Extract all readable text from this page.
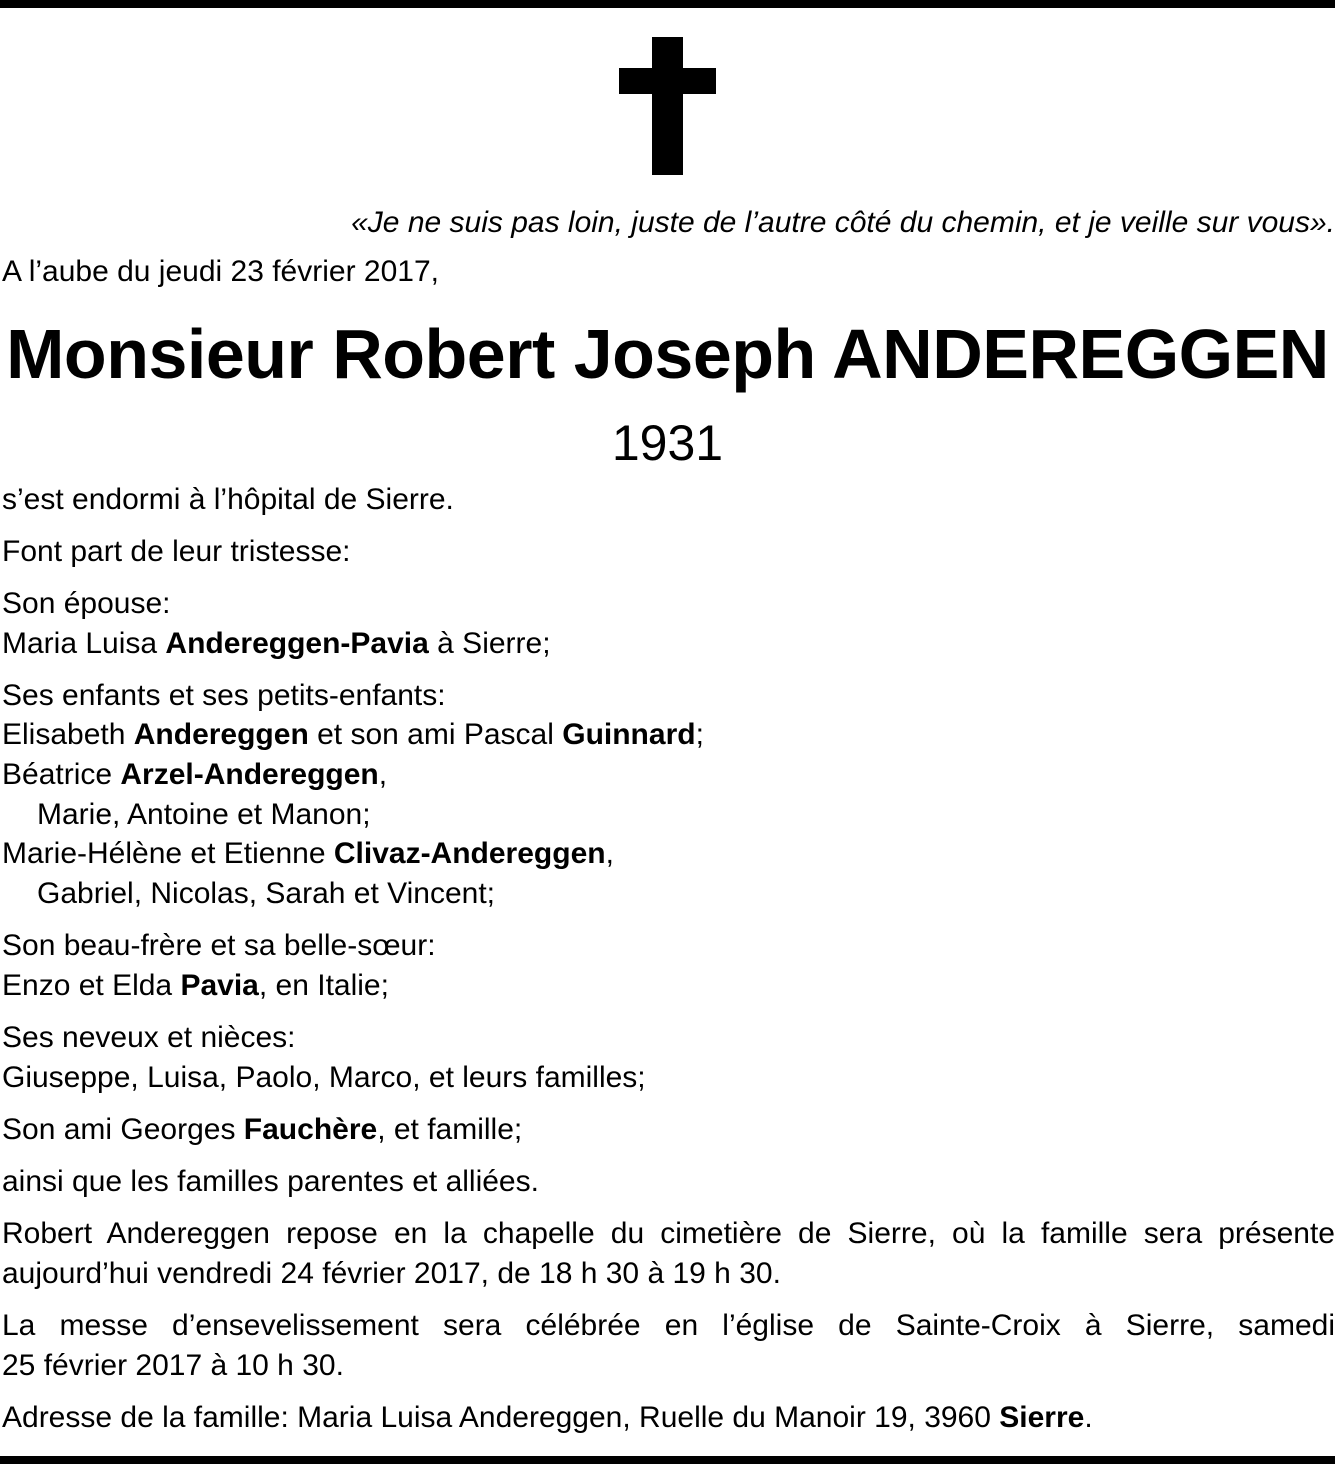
«Je ne suis pas loin, juste de l’autre côté du chemin, et je veille sur vous».
A l’aube du jeudi 23 février 2017,
Monsieur Robert Joseph ANDEREGGEN
1931
s’est endormi à l’hôpital de Sierre.
Font part de leur tristesse:
Son épouse:
Maria Luisa Andereggen-Pavia à Sierre;
Ses enfants et ses petits-enfants:
Elisabeth Andereggen et son ami Pascal Guinnard;
Béatrice Arzel-Andereggen,
Marie, Antoine et Manon;
Marie-Hélène et Etienne Clivaz-Andereggen,
Gabriel, Nicolas, Sarah et Vincent;
Son beau-frère et sa belle-sœur:
Enzo et Elda Pavia, en Italie;
Ses neveux et nièces:
Giuseppe, Luisa, Paolo, Marco, et leurs familles;
Son ami Georges Fauchère, et famille;
ainsi que les familles parentes et alliées.
Robert Andereggen repose en la chapelle du cimetière de Sierre, où la famille sera présente
aujourd’hui vendredi 24 février 2017, de 18 h 30 à 19 h 30.
La messe d’ensevelissement sera célébrée en l’église de Sainte-Croix à Sierre, samedi
25 février 2017 à 10 h 30.
Adresse de la famille: Maria Luisa Andereggen, Ruelle du Manoir 19, 3960 Sierre.
